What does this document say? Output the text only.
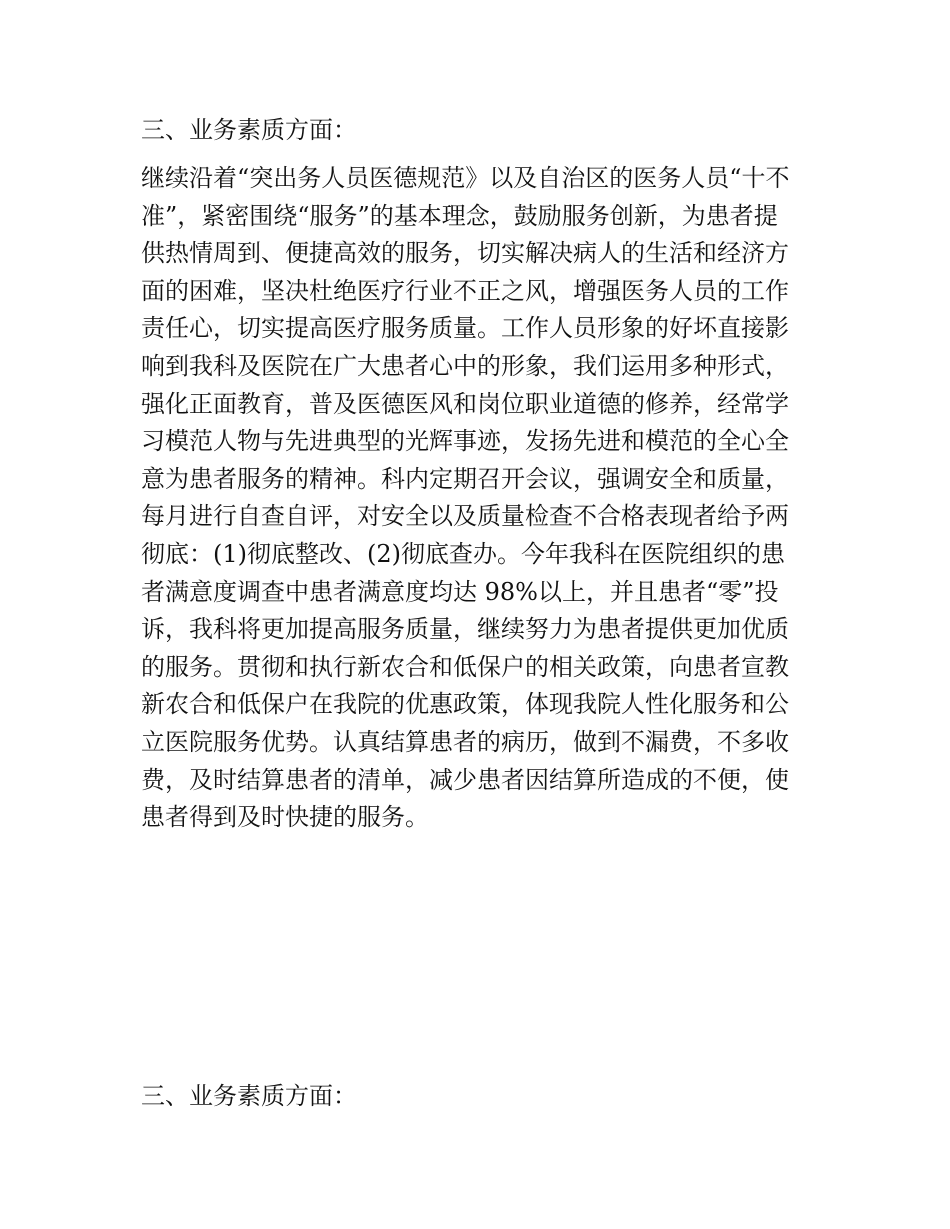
三、业务素质方面：
继续沿着“突出务人员医德规范》以及自治区的医务人员“十不
准”，紧密围绕“服务”的基本理念，鼓励服务创新，为患者提
供热情周到、便捷高效的服务，切实解决病人的生活和经济方
面的困难，坚决杜绝医疗行业不正之风，增强医务人员的工作
责任心，切实提高医疗服务质量。工作人员形象的好坏直接影
响到我科及医院在广大患者心中的形象，我们运用多种形式，
强化正面教育，普及医德医风和岗位职业道德的修养，经常学
习模范人物与先进典型的光辉事迹，发扬先进和模范的全心全
意为患者服务的精神。科内定期召开会议，强调安全和质量，
每月进行自查自评，对安全以及质量检查不合格表现者给予两
彻底：(1)彻底整改、(2)彻底查办。今年我科在医院组织的患
者满意度调查中患者满意度均达 98%以上，并且患者“零”投
诉，我科将更加提高服务质量，继续努力为患者提供更加优质
的服务。贯彻和执行新农合和低保户的相关政策，向患者宣教
新农合和低保户在我院的优惠政策，体现我院人性化服务和公
立医院服务优势。认真结算患者的病历，做到不漏费，不多收
费，及时结算患者的清单，减少患者因结算所造成的不便，使
患者得到及时快捷的服务。
三、业务素质方面：
